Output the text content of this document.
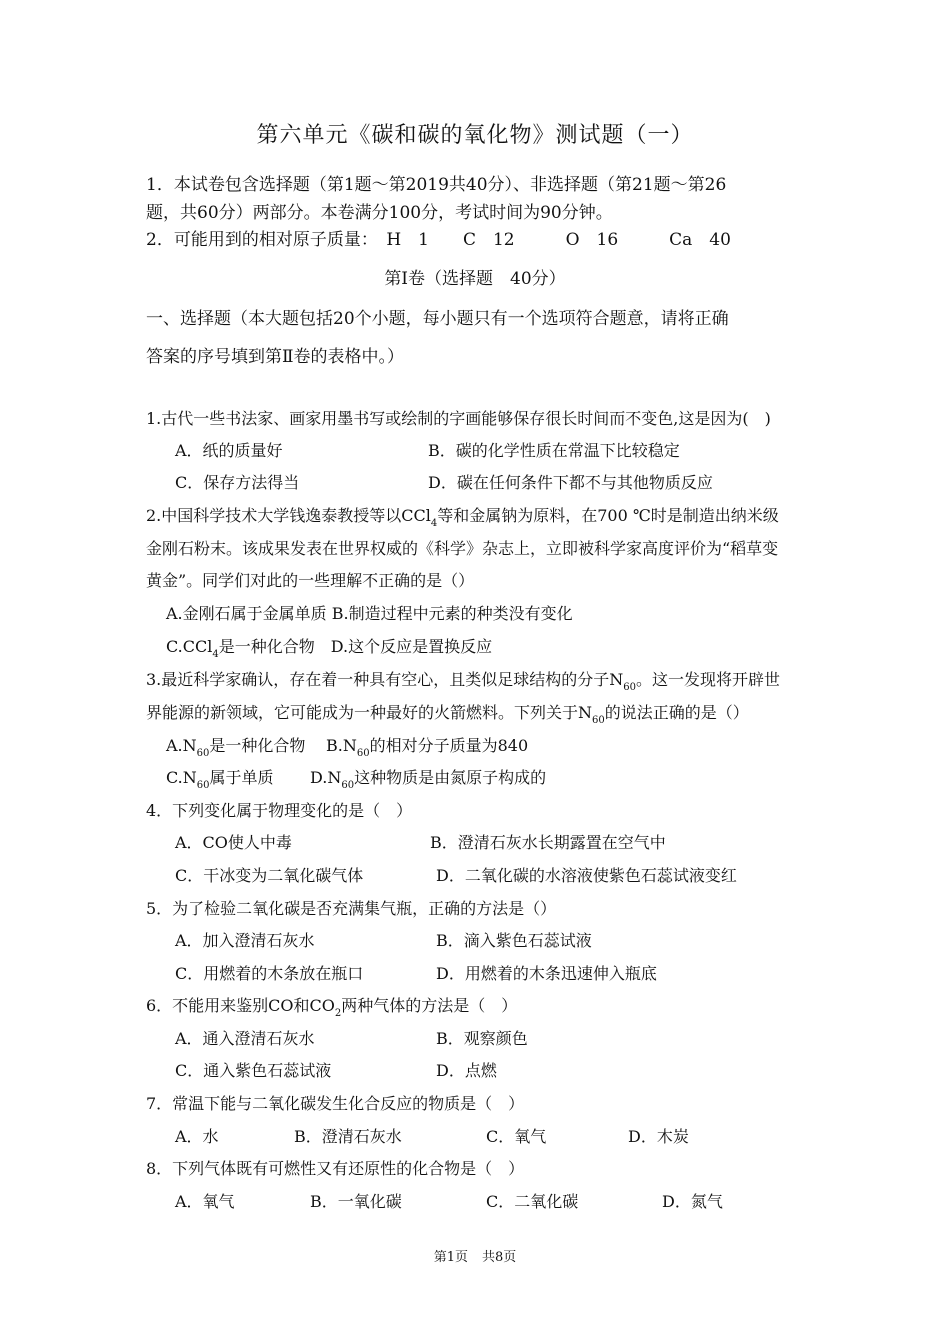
第六单元《碳和碳的氧化物》测试题（一）
1．本试卷包含选择题（第1题～第2019共40分）、非选择题（第21题～第26
题，共60分）两部分。本卷满分100分，考试时间为90分钟。
2．可能用到的相对原子质量：　H　1　　C　12　　　O　16　　　Ca　40
第Ⅰ卷（选择题　40分）
一、选择题（本大题包括20个小题，每小题只有一个选项符合题意，请将正确
答案的序号填到第Ⅱ卷的表格中。）
1.古代一些书法家、画家用墨书写或绘制的字画能够保存很长时间而不变色,这是因为(　)
A．纸的质量好	B．碳的化学性质在常温下比较稳定
C．保存方法得当	D．碳在任何条件下都不与其他物质反应
2.中国科学技术大学钱逸泰教授等以CCl$_4$等和金属钠为原料，在700 ℃时是制造出纳米级
金刚石粉末。该成果发表在世界权威的《科学》杂志上，立即被科学家高度评价为“稻草变
黄金”。同学们对此的一些理解不正确的是（）
A.金刚石属于金属单质 B.制造过程中元素的种类没有变化
C.CCl$_4$是一种化合物　D.这个反应是置换反应
3.最近科学家确认，存在着一种具有空心，且类似足球结构的分子$N_{60}$。这一发现将开辟世
界能源的新领域，它可能成为一种最好的火箭燃料。下列关于$N_{60}$的说法正确的是（）
$A.N_{60}$是一种化合物　 $B.N_{60}$的相对分子质量为840
$C.N_{60}$属于单质 $D.N_{60}$这种物质是由氮原子构成的
4．下列变化属于物理变化的是（　）
A．CO使人中毒	B．澄清石灰水长期露置在空气中
C．干冰变为二氧化碳气体	D．二氧化碳的水溶液使紫色石蕊试液变红
5．为了检验二氧化碳是否充满集气瓶，正确的方法是（）
A．加入澄清石灰水	B．滴入紫色石蕊试液
C．用燃着的木条放在瓶口	D．用燃着的木条迅速伸入瓶底
6．不能用来鉴别CO和$CO_2$两种气体的方法是（　）
A．通入澄清石灰水	B．观察颜色
C．通入紫色石蕊试液	D．点燃
7．常温下能与二氧化碳发生化合反应的物质是（　）
A．水	B．澄清石灰水	C．氧气	D．木炭
8．下列气体既有可燃性又有还原性的化合物是（　）
A．氧气	B．一氧化碳	C．二氧化碳	D．氮气
第1页 共8页
